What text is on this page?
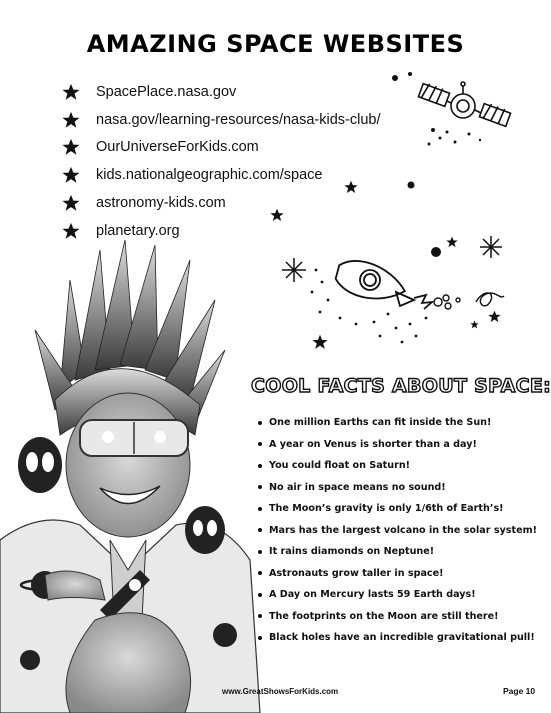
AMAZING SPACE WEBSITES
SpacePlace.nasa.gov
nasa.gov/learning-resources/nasa-kids-club/
OurUniverseForKids.com
kids.nationalgeographic.com/space
astronomy-kids.com
planetary.org
COOL FACTS ABOUT SPACE:
One million Earths can fit inside the Sun!
A year on Venus is shorter than a day!
You could float on Saturn!
No air in space means no sound!
The Moon’s gravity is only 1/6th of Earth’s!
Mars has the largest volcano in the solar system!
It rains diamonds on Neptune!
Astronauts grow taller in space!
A Day on Mercury lasts 59 Earth days!
The footprints on the Moon are still there!
Black holes have an incredible gravitational pull!
www.GreatShowsForKids.com	Page 10
